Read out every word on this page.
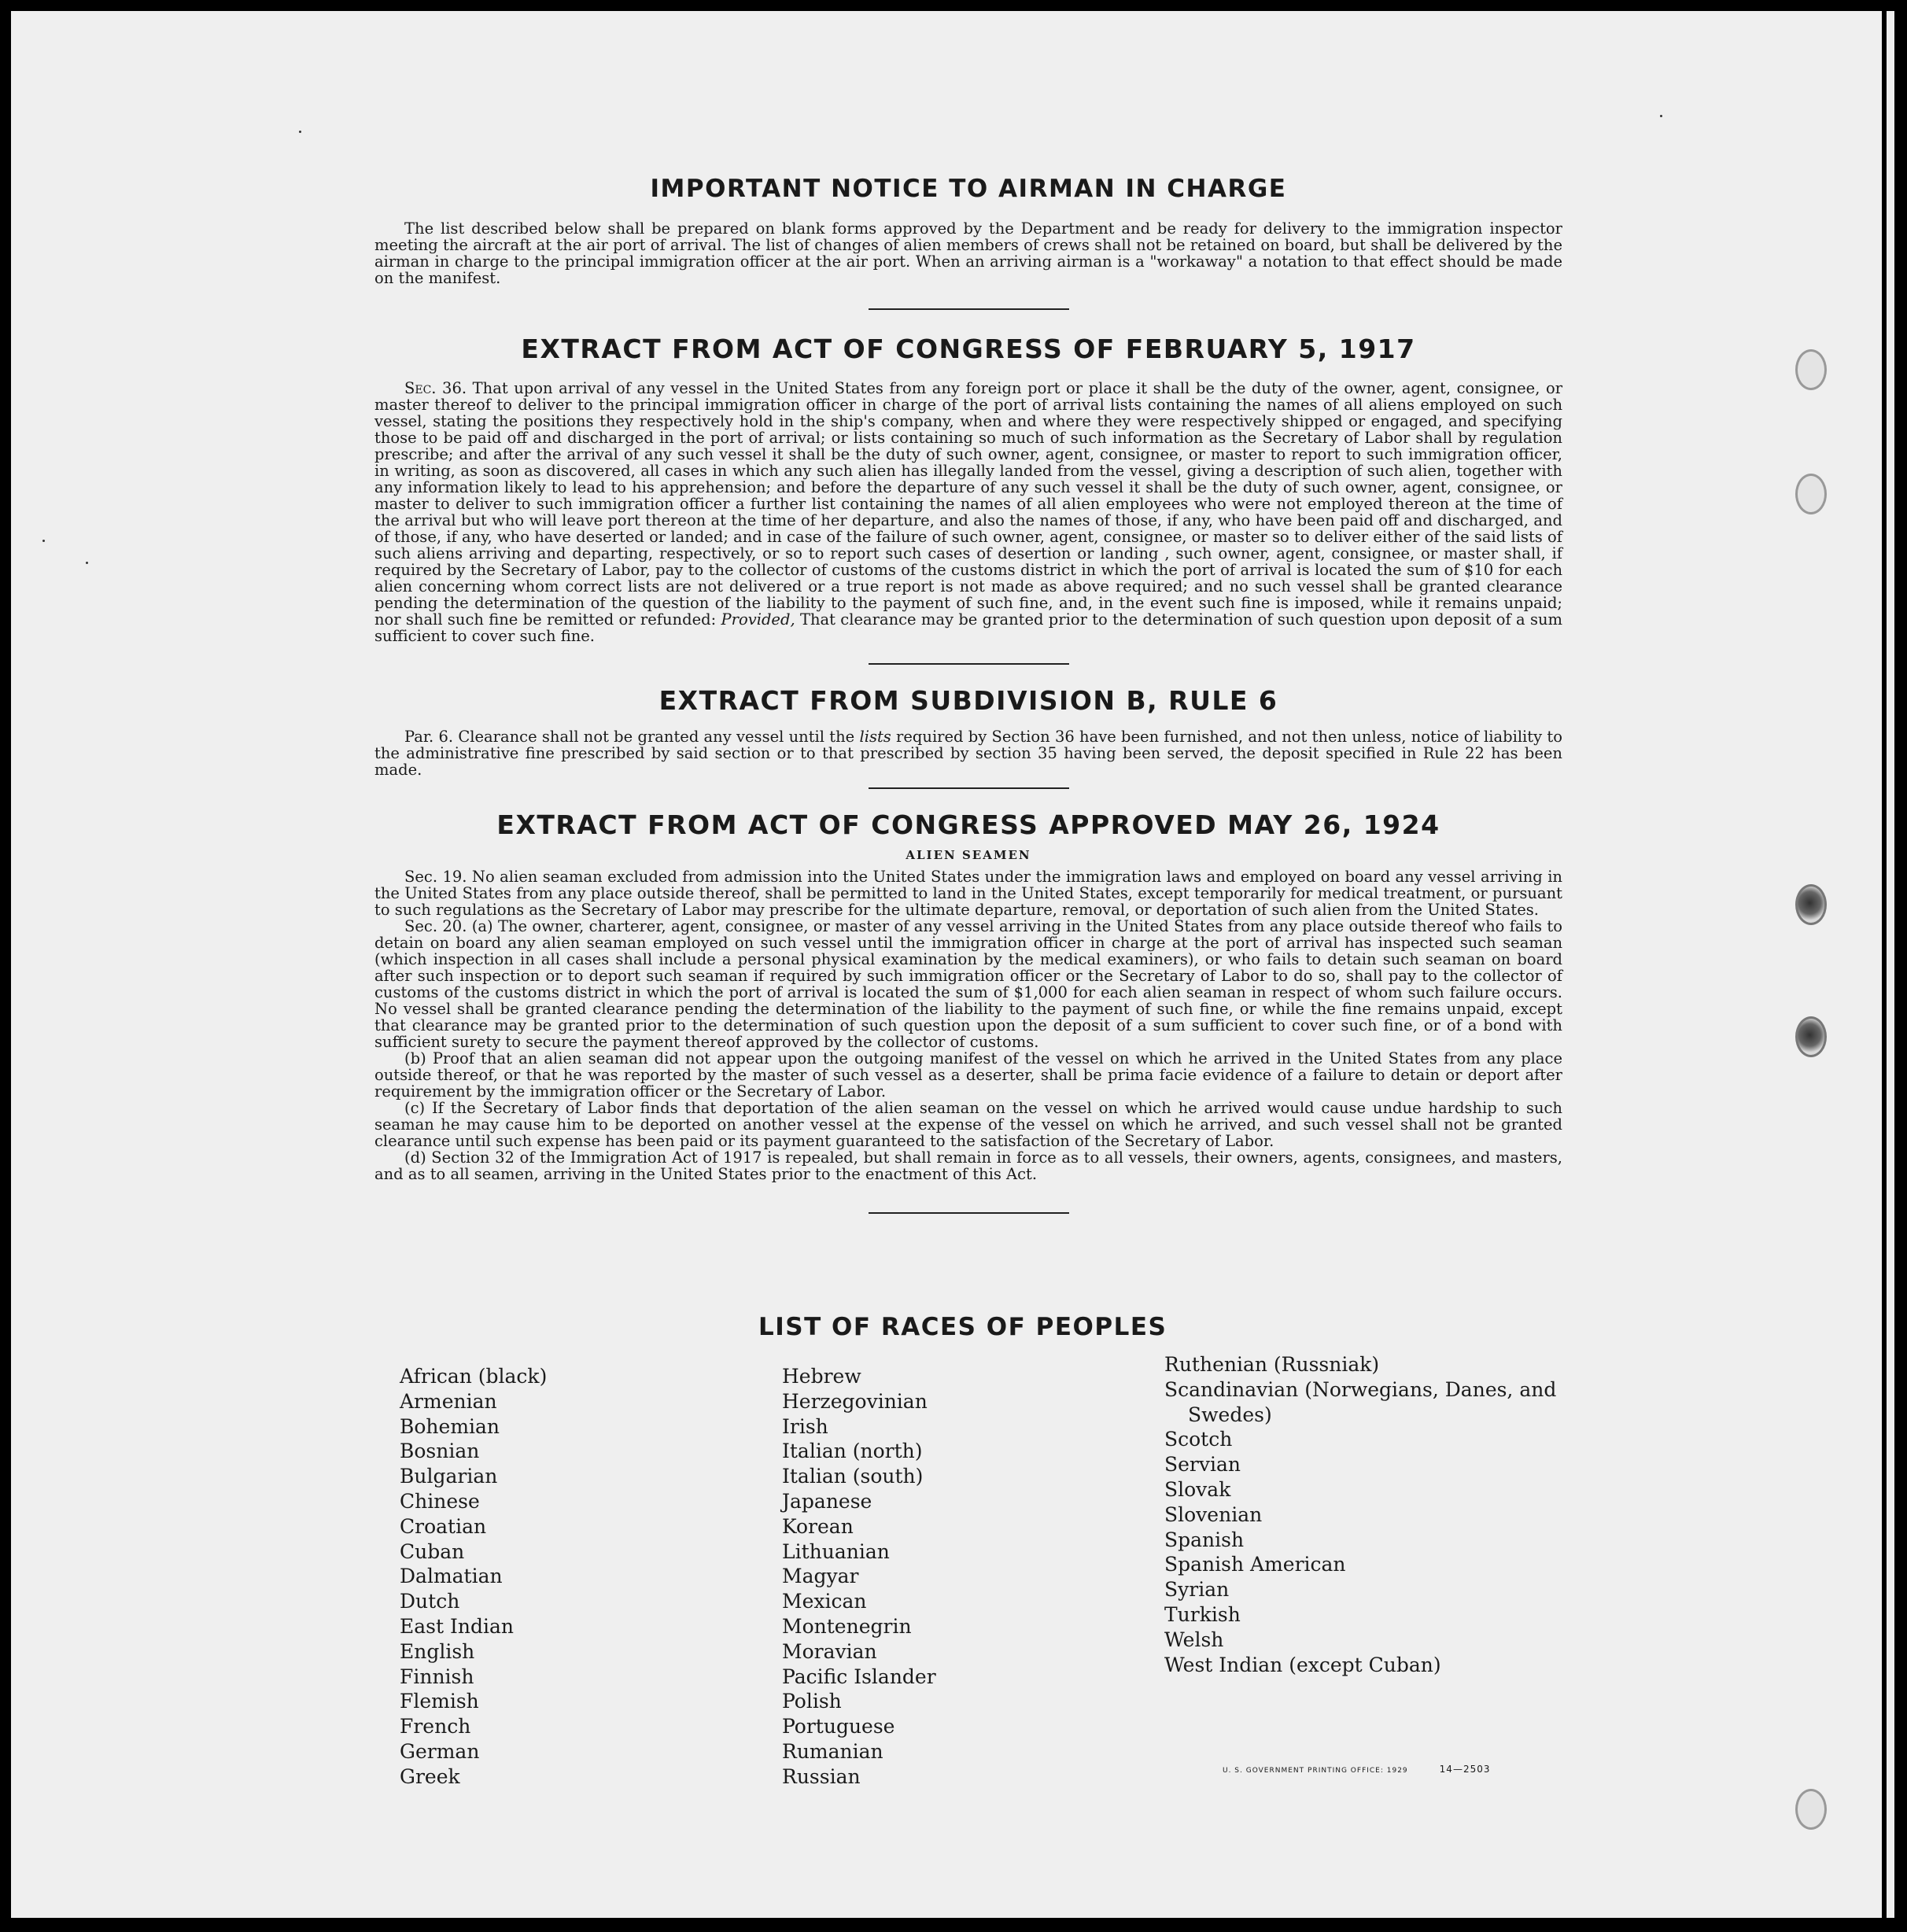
IMPORTANT NOTICE TO AIRMAN IN CHARGE

The list described below shall be prepared on blank forms approved by the Department and be ready for delivery to the immigration inspector meeting the aircraft at the air port of arrival. The list of changes of alien members of crews shall not be retained on board, but shall be delivered by the airman in charge to the principal immigration officer at the air port. When an arriving airman is a "workaway" a notation to that effect should be made on the manifest.

EXTRACT FROM ACT OF CONGRESS OF FEBRUARY 5, 1917

Sec. 36. That upon arrival of any vessel in the United States from any foreign port or place it shall be the duty of the owner, agent, consignee, or master thereof to deliver to the principal immigration officer in charge of the port of arrival lists containing the names of all aliens employed on such vessel, stating the positions they respectively hold in the ship's company, when and where they were respectively shipped or engaged, and specifying those to be paid off and discharged in the port of arrival; or lists containing so much of such information as the Secretary of Labor shall by regulation prescribe; and after the arrival of any such vessel it shall be the duty of such owner, agent, consignee, or master to report to such immigration officer, in writing, as soon as discovered, all cases in which any such alien has illegally landed from the vessel, giving a description of such alien, together with any information likely to lead to his apprehension; and before the departure of any such vessel it shall be the duty of such owner, agent, consignee, or master to deliver to such immigration officer a further list containing the names of all alien employees who were not employed thereon at the time of the arrival but who will leave port thereon at the time of her departure, and also the names of those, if any, who have been paid off and discharged, and of those, if any, who have deserted or landed; and in case of the failure of such owner, agent, consignee, or master so to deliver either of the said lists of such aliens arriving and departing, respectively, or so to report such cases of desertion or landing , such owner, agent, consignee, or master shall, if required by the Secretary of Labor, pay to the collector of customs of the customs district in which the port of arrival is located the sum of $10 for each alien concerning whom correct lists are not delivered or a true report is not made as above required; and no such vessel shall be granted clearance pending the determination of the question of the liability to the payment of such fine, and, in the event such fine is imposed, while it remains unpaid; nor shall such fine be remitted or refunded: Provided, That clearance may be granted prior to the determination of such question upon deposit of a sum sufficient to cover such fine.

EXTRACT FROM SUBDIVISION B, RULE 6

Par. 6. Clearance shall not be granted any vessel until the lists required by Section 36 have been furnished, and not then unless, notice of liability to the administrative fine prescribed by said section or to that prescribed by section 35 having been served, the deposit specified in Rule 22 has been made.

EXTRACT FROM ACT OF CONGRESS APPROVED MAY 26, 1924
ALIEN SEAMEN

Sec. 19. No alien seaman excluded from admission into the United States under the immigration laws and employed on board any vessel arriving in the United States from any place outside thereof, shall be permitted to land in the United States, except temporarily for medical treatment, or pursuant to such regulations as the Secretary of Labor may prescribe for the ultimate departure, removal, or deportation of such alien from the United States.

Sec. 20. (a) The owner, charterer, agent, consignee, or master of any vessel arriving in the United States from any place outside thereof who fails to detain on board any alien seaman employed on such vessel until the immigration officer in charge at the port of arrival has inspected such seaman (which inspection in all cases shall include a personal physical examination by the medical examiners), or who fails to detain such seaman on board after such inspection or to deport such seaman if required by such immigration officer or the Secretary of Labor to do so, shall pay to the collector of customs of the customs district in which the port of arrival is located the sum of $1,000 for each alien seaman in respect of whom such failure occurs. No vessel shall be granted clearance pending the determination of the liability to the payment of such fine, or while the fine remains unpaid, except that clearance may be granted prior to the determination of such question upon the deposit of a sum sufficient to cover such fine, or of a bond with sufficient surety to secure the payment thereof approved by the collector of customs.

(b) Proof that an alien seaman did not appear upon the outgoing manifest of the vessel on which he arrived in the United States from any place outside thereof, or that he was reported by the master of such vessel as a deserter, shall be prima facie evidence of a failure to detain or deport after requirement by the immigration officer or the Secretary of Labor.

(c) If the Secretary of Labor finds that deportation of the alien seaman on the vessel on which he arrived would cause undue hardship to such seaman he may cause him to be deported on another vessel at the expense of the vessel on which he arrived, and such vessel shall not be granted clearance until such expense has been paid or its payment guaranteed to the satisfaction of the Secretary of Labor.

(d) Section 32 of the Immigration Act of 1917 is repealed, but shall remain in force as to all vessels, their owners, agents, consignees, and masters, and as to all seamen, arriving in the United States prior to the enactment of this Act.

LIST OF RACES OF PEOPLES
African (black)
Armenian
Bohemian
Bosnian
Bulgarian
Chinese
Croatian
Cuban
Dalmatian
Dutch
East Indian
English
Finnish
Flemish
French
German
Greek
Hebrew
Herzegovinian
Irish
Italian (north)
Italian (south)
Japanese
Korean
Lithuanian
Magyar
Mexican
Montenegrin
Moravian
Pacific Islander
Polish
Portuguese
Rumanian
Russian
Ruthenian (Russniak)
Scandinavian (Norwegians, Danes, and Swedes)
Scotch
Servian
Slovak
Slovenian
Spanish
Spanish American
Syrian
Turkish
Welsh
West Indian (except Cuban)
U. S. GOVERNMENT PRINTING OFFICE: 1929	14—2503
